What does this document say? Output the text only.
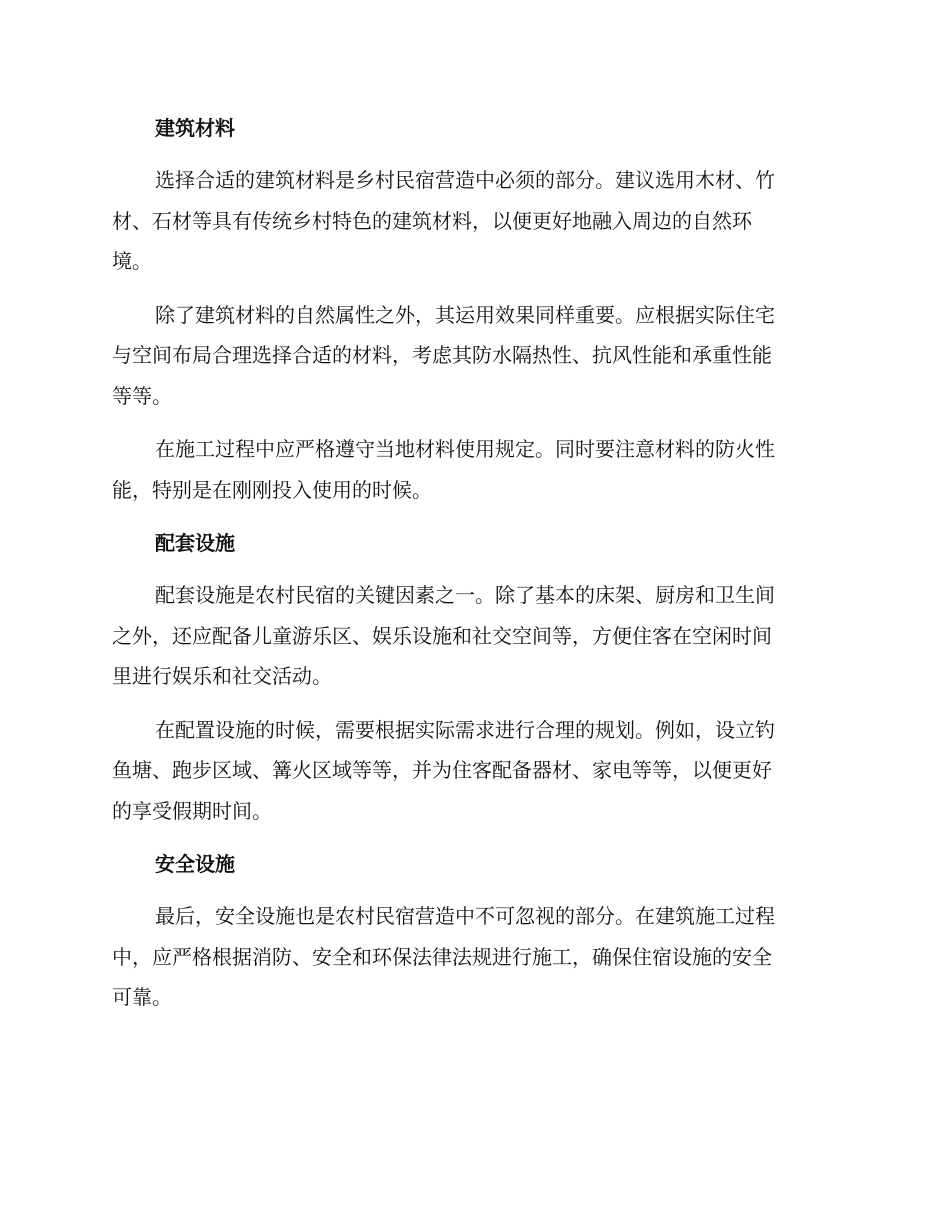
建筑材料

选择合适的建筑材料是乡村民宿营造中必须的部分。建议选用木材、竹
材、石材等具有传统乡村特色的建筑材料，以便更好地融入周边的自然环
境。

除了建筑材料的自然属性之外，其运用效果同样重要。应根据实际住宅
与空间布局合理选择合适的材料，考虑其防水隔热性、抗风性能和承重性能
等等。

在施工过程中应严格遵守当地材料使用规定。同时要注意材料的防火性
能，特别是在刚刚投入使用的时候。

配套设施

配套设施是农村民宿的关键因素之一。除了基本的床架、厨房和卫生间
之外，还应配备儿童游乐区、娱乐设施和社交空间等，方便住客在空闲时间
里进行娱乐和社交活动。

在配置设施的时候，需要根据实际需求进行合理的规划。例如，设立钓
鱼塘、跑步区域、篝火区域等等，并为住客配备器材、家电等等，以便更好
的享受假期时间。

安全设施

最后，安全设施也是农村民宿营造中不可忽视的部分。在建筑施工过程
中，应严格根据消防、安全和环保法律法规进行施工，确保住宿设施的安全
可靠。
